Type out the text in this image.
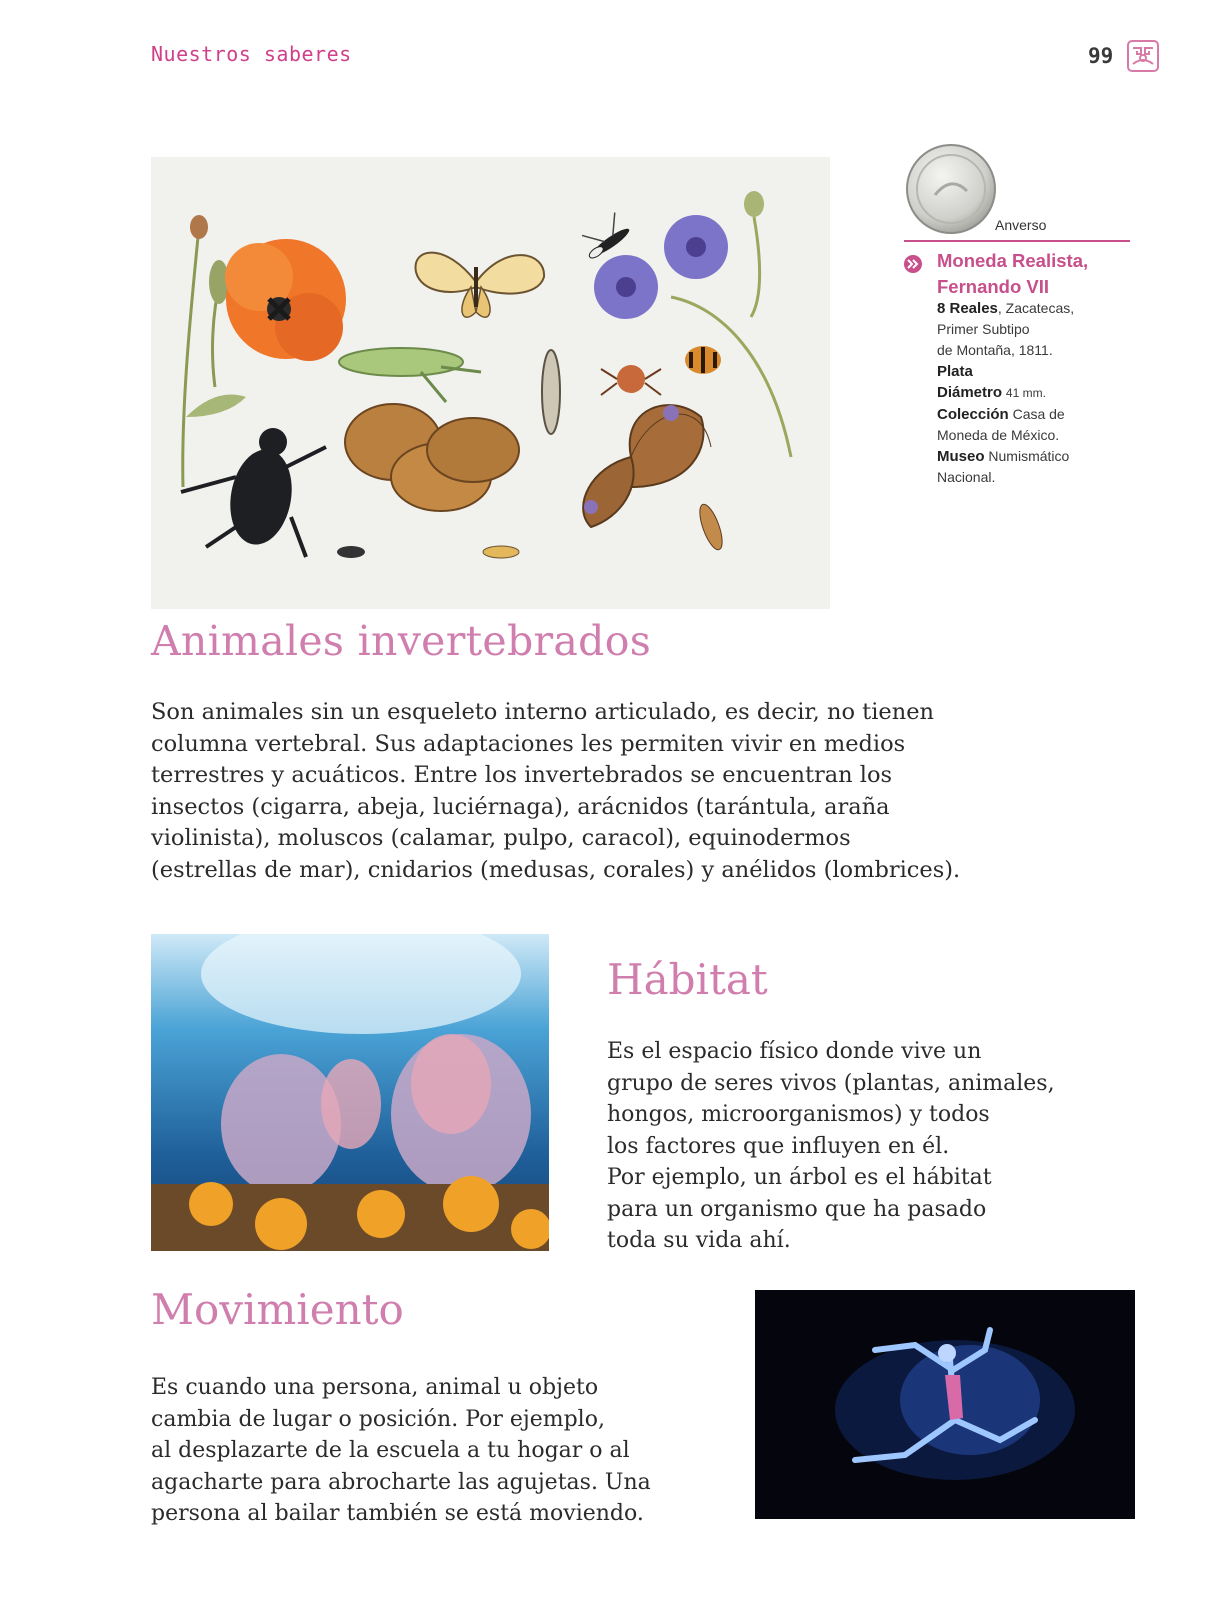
Nuestros saberes	99
Anverso
Moneda Realista,
Fernando VII
8 Reales, Zacatecas,
Primer Subtipo
de Montaña, 1811.
Plata
Diámetro 41 mm.
Colección Casa de
Moneda de México.
Museo Numismático
Nacional.
Animales invertebrados

Son animales sin un esqueleto interno articulado, es decir, no tienen
columna vertebral. Sus adaptaciones les permiten vivir en medios
terrestres y acuáticos. Entre los invertebrados se encuentran los
insectos (cigarra, abeja, luciérnaga), arácnidos (tarántula, araña
violinista), moluscos (calamar, pulpo, caracol), equinodermos
(estrellas de mar), cnidarios (medusas, corales) y anélidos (lombrices).

Hábitat

Es el espacio físico donde vive un
grupo de seres vivos (plantas, animales,
hongos, microorganismos) y todos
los factores que influyen en él.
Por ejemplo, un árbol es el hábitat
para un organismo que ha pasado
toda su vida ahí.

Movimiento

Es cuando una persona, animal u objeto
cambia de lugar o posición. Por ejemplo,
al desplazarte de la escuela a tu hogar o al
agacharte para abrocharte las agujetas. Una
persona al bailar también se está moviendo.
